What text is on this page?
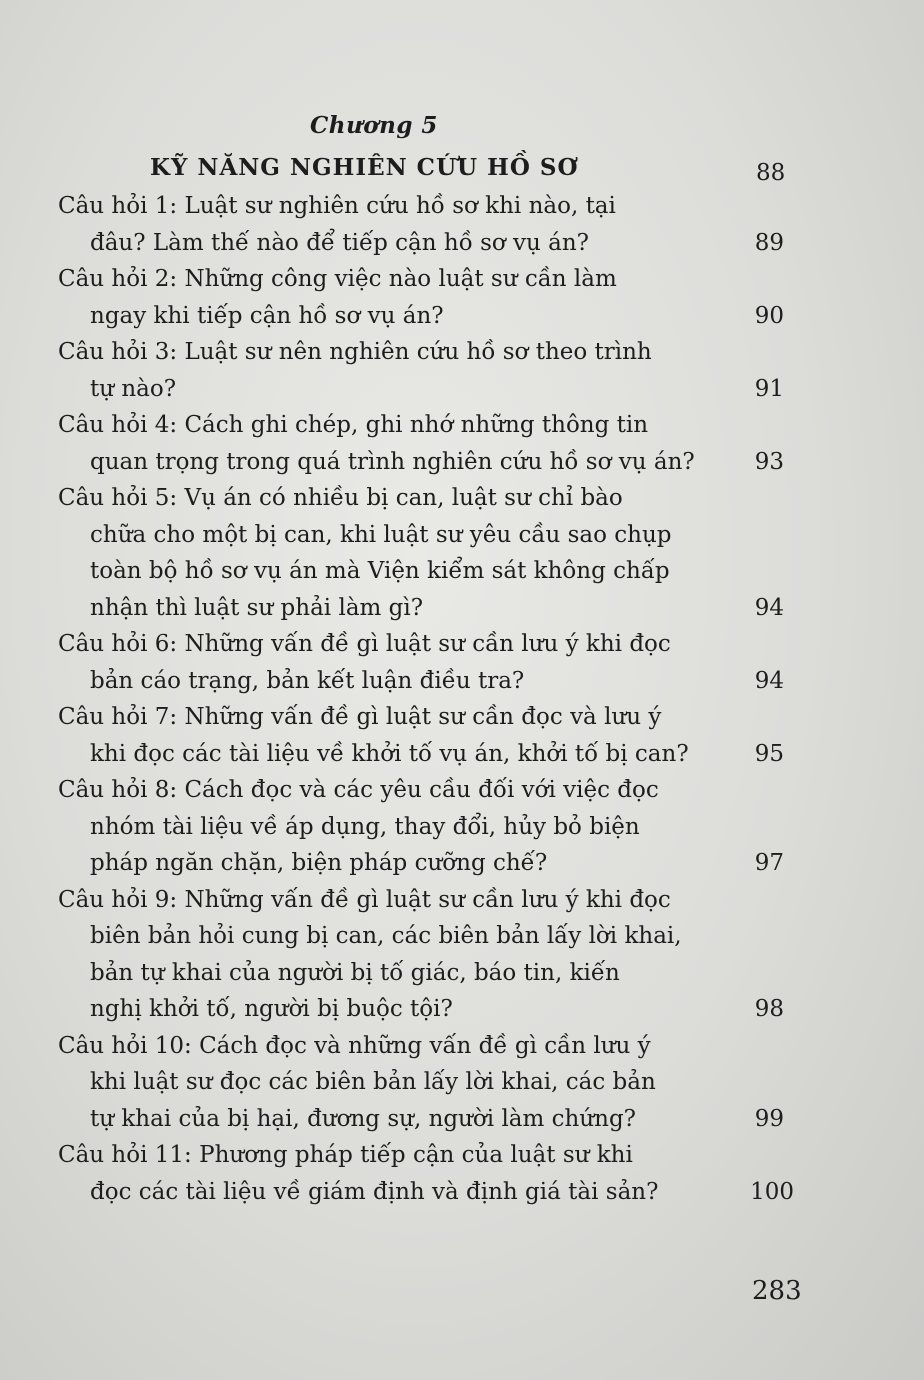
Chương 5
KỸ NĂNG NGHIÊN CỨU HỒ SƠ	88
Câu hỏi 1: Luật sư nghiên cứu hồ sơ khi nào, tại
đâu? Làm thế nào để tiếp cận hồ sơ vụ án?	89
Câu hỏi 2: Những công việc nào luật sư cần làm
ngay khi tiếp cận hồ sơ vụ án?	90
Câu hỏi 3: Luật sư nên nghiên cứu hồ sơ theo trình
tự nào?	91
Câu hỏi 4: Cách ghi chép, ghi nhớ những thông tin
quan trọng trong quá trình nghiên cứu hồ sơ vụ án?	93
Câu hỏi 5: Vụ án có nhiều bị can, luật sư chỉ bào
chữa cho một bị can, khi luật sư yêu cầu sao chụp
toàn bộ hồ sơ vụ án mà Viện kiểm sát không chấp
nhận thì luật sư phải làm gì?	94
Câu hỏi 6: Những vấn đề gì luật sư cần lưu ý khi đọc
bản cáo trạng, bản kết luận điều tra?	94
Câu hỏi 7: Những vấn đề gì luật sư cần đọc và lưu ý
khi đọc các tài liệu về khởi tố vụ án, khởi tố bị can?	95
Câu hỏi 8: Cách đọc và các yêu cầu đối với việc đọc
nhóm tài liệu về áp dụng, thay đổi, hủy bỏ biện
pháp ngăn chặn, biện pháp cưỡng chế?	97
Câu hỏi 9: Những vấn đề gì luật sư cần lưu ý khi đọc
biên bản hỏi cung bị can, các biên bản lấy lời khai,
bản tự khai của người bị tố giác, báo tin, kiến
nghị khởi tố, người bị buộc tội?	98
Câu hỏi 10: Cách đọc và những vấn đề gì cần lưu ý
khi luật sư đọc các biên bản lấy lời khai, các bản
tự khai của bị hại, đương sự, người làm chứng?	99
Câu hỏi 11: Phương pháp tiếp cận của luật sư khi
đọc các tài liệu về giám định và định giá tài sản?	100
283
